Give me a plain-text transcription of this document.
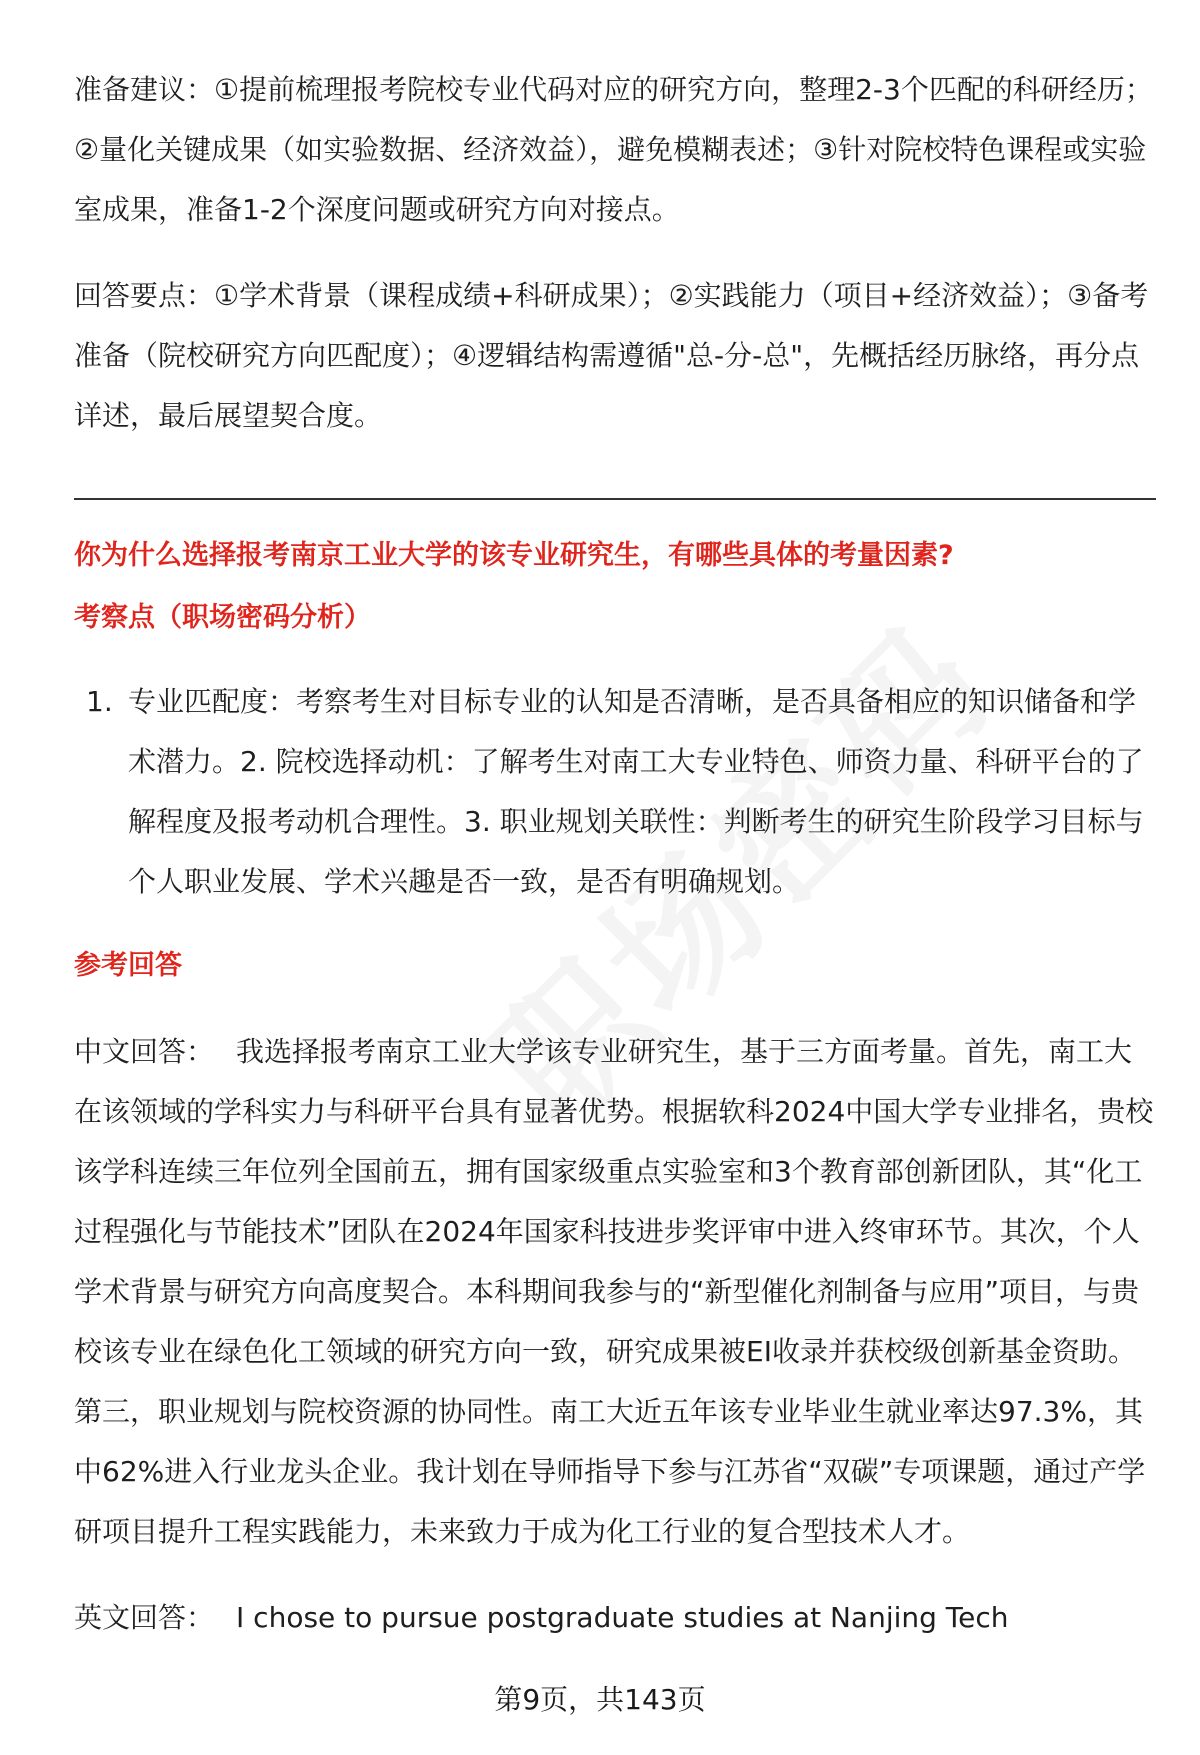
准备建议：①提前梳理报考院校专业代码对应的研究方向，整理2-3个匹配的科研经历；②量化关键成果（如实验数据、经济效益），避免模糊表述；③针对院校特色课程或实验室成果，准备1-2个深度问题或研究方向对接点。

回答要点：①学术背景（课程成绩+科研成果）；②实践能力（项目+经济效益）；③备考准备（院校研究方向匹配度）；④逻辑结构需遵循"总-分-总"，先概括经历脉络，再分点详述，最后展望契合度。

你为什么选择报考南京工业大学的该专业研究生，有哪些具体的考量因素?
考察点（职场密码分析）
1. 专业匹配度：考察考生对目标专业的认知是否清晰，是否具备相应的知识储备和学术潜力。2. 院校选择动机：了解考生对南工大专业特色、师资力量、科研平台的了解程度及报考动机合理性。3. 职业规划关联性：判断考生的研究生阶段学习目标与个人职业发展、学术兴趣是否一致，是否有明确规划。
参考回答

中文回答： 我选择报考南京工业大学该专业研究生，基于三方面考量。首先，南工大在该领域的学科实力与科研平台具有显著优势。根据软科2024中国大学专业排名，贵校该学科连续三年位列全国前五，拥有国家级重点实验室和3个教育部创新团队，其“化工过程强化与节能技术”团队在2024年国家科技进步奖评审中进入终审环节。其次，个人学术背景与研究方向高度契合。本科期间我参与的“新型催化剂制备与应用”项目，与贵校该专业在绿色化工领域的研究方向一致，研究成果被EI收录并获校级创新基金资助。第三，职业规划与院校资源的协同性。南工大近五年该专业毕业生就业率达97.3%，其中62%进入行业龙头企业。我计划在导师指导下参与江苏省“双碳”专项课题，通过产学研项目提升工程实践能力，未来致力于成为化工行业的复合型技术人才。

英文回答： I chose to pursue postgraduate studies at Nanjing Tech

第9页，共143页
